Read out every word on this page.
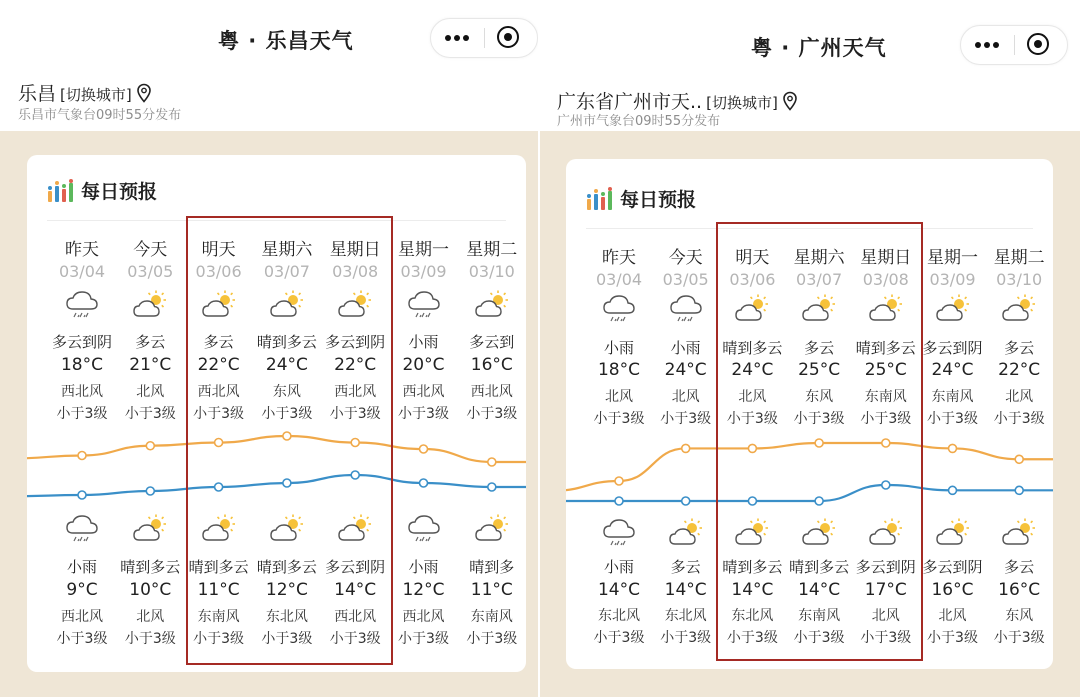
粤 · 乐昌天气
乐昌 [切换城市]
乐昌市气象台09时55分发布
每日预报
昨天
03/04
多云到阴
18°C
西北风
小于3级
小雨
9°C
西北风
小于3级
今天
03/05
多云
21°C
北风
小于3级
晴到多云
10°C
北风
小于3级
明天
03/06
多云
22°C
西北风
小于3级
晴到多云
11°C
东南风
小于3级
星期六
03/07
晴到多云
24°C
东风
小于3级
晴到多云
12°C
东北风
小于3级
星期日
03/08
多云到阴
22°C
西北风
小于3级
多云到阴
14°C
西北风
小于3级
星期一
03/09
小雨
20°C
西北风
小于3级
小雨
12°C
西北风
小于3级
星期二
03/10
多云到
16°C
西北风
小于3级
晴到多
11°C
东南风
小于3级
粤 · 广州天气
广东省广州市天.. [切换城市]
广州市气象台09时55分发布
每日预报
昨天
03/04
小雨
18°C
北风
小于3级
小雨
14°C
东北风
小于3级
今天
03/05
小雨
24°C
北风
小于3级
多云
14°C
东北风
小于3级
明天
03/06
晴到多云
24°C
北风
小于3级
晴到多云
14°C
东北风
小于3级
星期六
03/07
多云
25°C
东风
小于3级
晴到多云
14°C
东南风
小于3级
星期日
03/08
晴到多云
25°C
东南风
小于3级
多云到阴
17°C
北风
小于3级
星期一
03/09
多云到阴
24°C
东南风
小于3级
多云到阴
16°C
北风
小于3级
星期二
03/10
多云
22°C
北风
小于3级
多云
16°C
东风
小于3级
